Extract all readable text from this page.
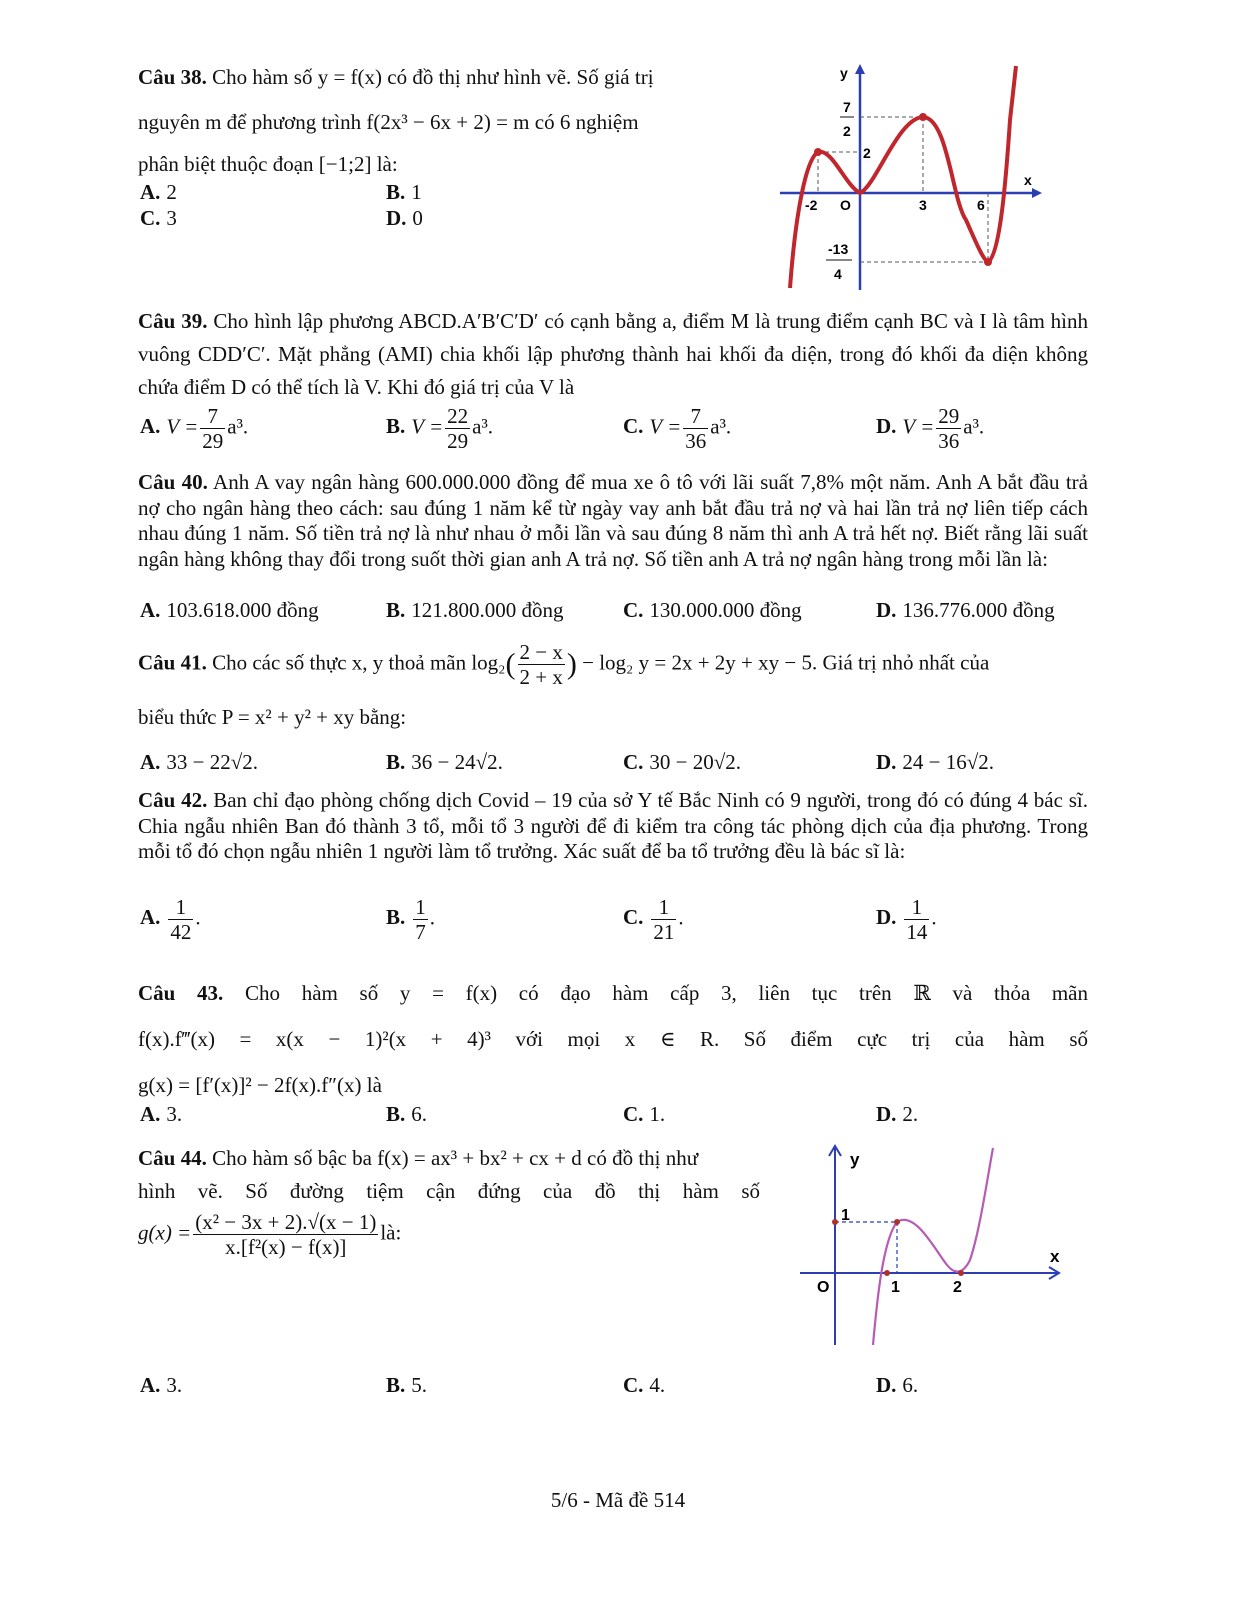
Câu 38. Cho hàm số y = f(x) có đồ thị như hình vẽ. Số giá trị

nguyên m để phương trình f(2x³ − 6x + 2) = m có 6 nghiệm

phân biệt thuộc đoạn [−1;2] là:

A. 2	B. 1
C. 3	D. 0
y
x
7
2
2
-2 O	3	6
-13
4
Câu 39. Cho hình lập phương ABCD.A′B′C′D′ có cạnh bằng a, điểm M là trung điểm cạnh BC và I là tâm hình vuông CDD′C′. Mặt phẳng (AMI) chia khối lập phương thành hai khối đa diện, trong đó khối đa diện không chứa điểm D có thể tích là V. Khi đó giá trị của V là
A. $V = \frac{7}{29} a^3$.	B. $V = \frac{22}{29} a^3$.	C. $V = \frac{7}{36} a^3$.	D. $V = \frac{29}{36} a^3$.
Câu 40. Anh A vay ngân hàng 600.000.000 đồng để mua xe ô tô với lãi suất 7,8% một năm. Anh A bắt đầu trả nợ cho ngân hàng theo cách: sau đúng 1 năm kể từ ngày vay anh bắt đầu trả nợ và hai lần trả nợ liên tiếp cách nhau đúng 1 năm. Số tiền trả nợ là như nhau ở mỗi lần và sau đúng 8 năm thì anh A trả hết nợ. Biết rằng lãi suất ngân hàng không thay đổi trong suốt thời gian anh A trả nợ. Số tiền anh A trả nợ ngân hàng trong mỗi lần là:
A. 103.618.000 đồng	B. 121.800.000 đồng	C. 130.000.000 đồng	D. 136.776.000 đồng

Câu 41. Cho các số thực x, y thoả mãn $\log_2( \frac{2 - x}{2 + x}$ ) − log₂ y = 2x + 2y + xy − 5. Giá trị nhỏ nhất của

biểu thức P = x² + y² + xy bằng:

A. 33 − 22√2.	B. 36 − 24√2.	C. 30 − 20√2.	D. 24 − 16√2.
Câu 42. Ban chỉ đạo phòng chống dịch Covid – 19 của sở Y tế Bắc Ninh có 9 người, trong đó có đúng 4 bác sĩ. Chia ngẫu nhiên Ban đó thành 3 tổ, mỗi tổ 3 người để đi kiểm tra công tác phòng dịch của địa phương. Trong mỗi tổ đó chọn ngẫu nhiên 1 người làm tổ trưởng. Xác suất để ba tổ trưởng đều là bác sĩ là:
A. $\frac{1}{42}$ .	B. $\frac{1}{7}$ .	C. $\frac{1}{21}$ .	D. $\frac{1}{14}$ .

Câu 43. Cho hàm số y = f(x) có đạo hàm cấp 3, liên tục trên ℝ và thỏa mãn

f(x).f‴(x) = x(x − 1)²(x + 4)³ với mọi x ∈ R. Số điểm cực trị của hàm số

g(x) = [f′(x)]² − 2f(x).f″(x) là

A. 3.	B. 6.	C. 1.	D. 2.

Câu 44. Cho hàm số bậc ba f(x) = ax³ + bx² + cx + d có đồ thị như

hình vẽ. Số đường tiệm cận đứng của đồ thị hàm số

$g(x) = \frac{\text{(x² − 3x + 2).√(x − 1)}}{\text{x.[f²(x) − f(x)]}}$ là:

y
x
1
O	1	2
A. 3.	B. 5.	C. 4.	D. 6.
5/6 - Mã đề 514
